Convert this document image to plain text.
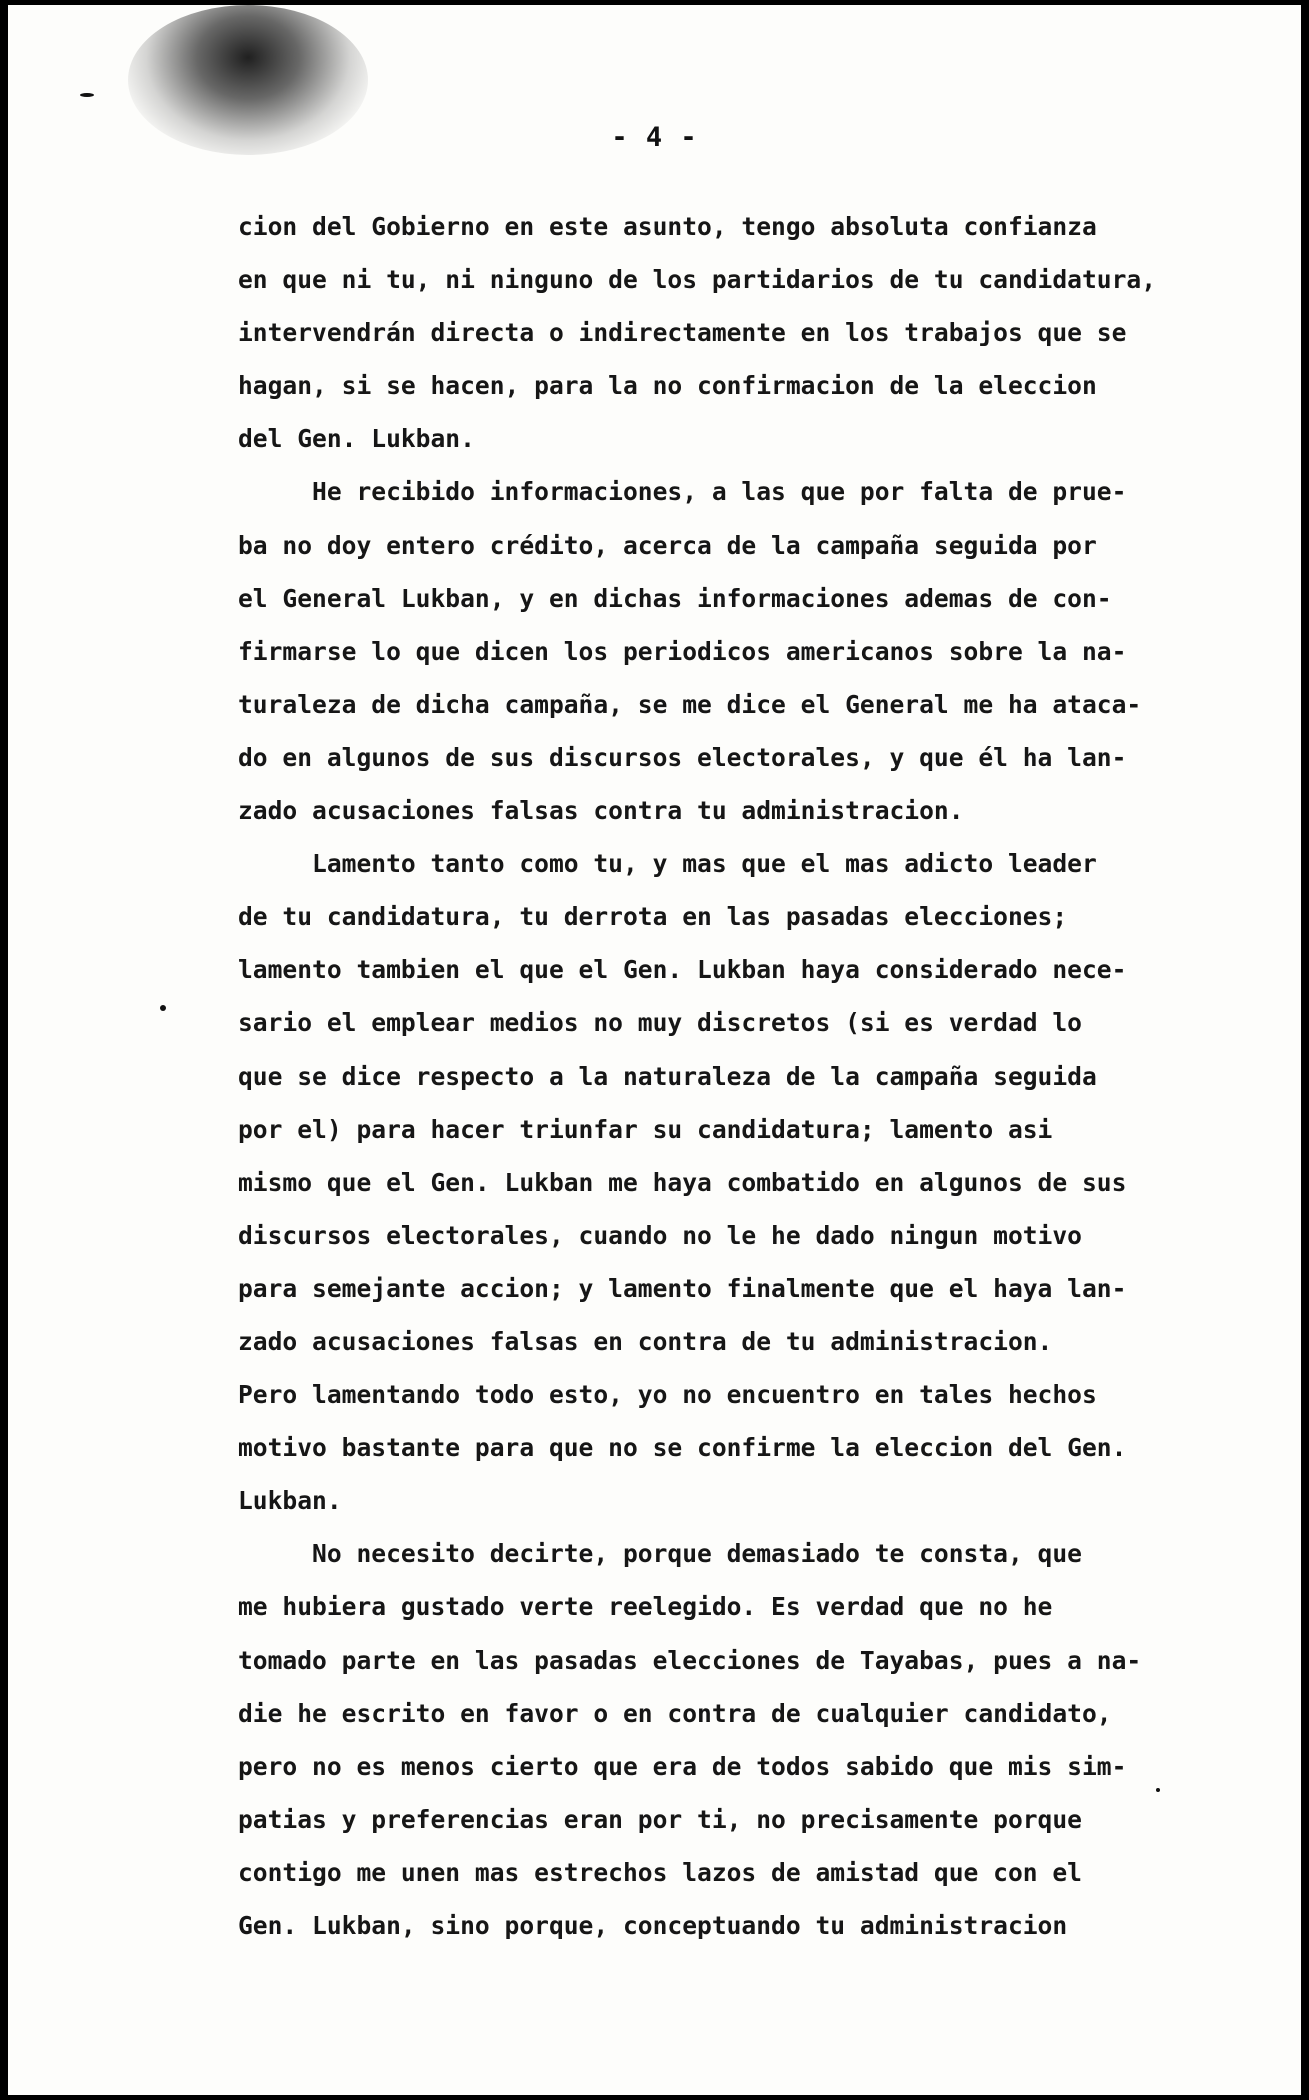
- 4 -
cion del Gobierno en este asunto, tengo absoluta confianza
en que ni tu, ni ninguno de los partidarios de tu candidatura,
intervendrán directa o indirectamente en los trabajos que se
hagan, si se hacen, para la no confirmacion de la eleccion
del Gen. Lukban.
He recibido informaciones, a las que por falta de prue-
ba no doy entero crédito, acerca de la campaña seguida por
el General Lukban, y en dichas informaciones ademas de con-
firmarse lo que dicen los periodicos americanos sobre la na-
turaleza de dicha campaña, se me dice el General me ha ataca-
do en algunos de sus discursos electorales, y que él ha lan-
zado acusaciones falsas contra tu administracion.
Lamento tanto como tu, y mas que el mas adicto leader
de tu candidatura, tu derrota en las pasadas elecciones;
lamento tambien el que el Gen. Lukban haya considerado nece-
sario el emplear medios no muy discretos (si es verdad lo
que se dice respecto a la naturaleza de la campaña seguida
por el) para hacer triunfar su candidatura; lamento asi
mismo que el Gen. Lukban me haya combatido en algunos de sus
discursos electorales, cuando no le he dado ningun motivo
para semejante accion; y lamento finalmente que el haya lan-
zado acusaciones falsas en contra de tu administracion.
Pero lamentando todo esto, yo no encuentro en tales hechos
motivo bastante para que no se confirme la eleccion del Gen.
Lukban.
No necesito decirte, porque demasiado te consta, que
me hubiera gustado verte reelegido. Es verdad que no he
tomado parte en las pasadas elecciones de Tayabas, pues a na-
die he escrito en favor o en contra de cualquier candidato,
pero no es menos cierto que era de todos sabido que mis sim-
patias y preferencias eran por ti, no precisamente porque
contigo me unen mas estrechos lazos de amistad que con el
Gen. Lukban, sino porque, conceptuando tu administracion
